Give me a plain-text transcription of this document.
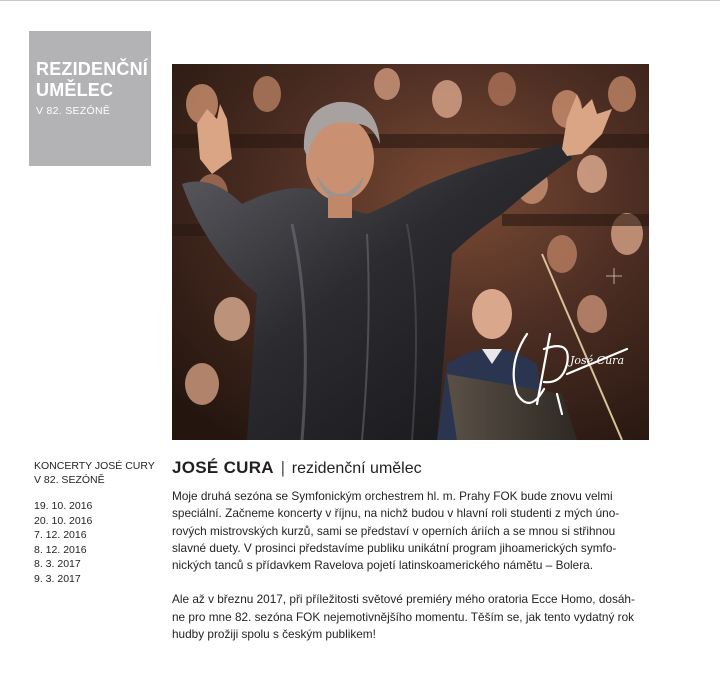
REZIDENČNÍ
UMĚLEC
V 82. SEZÓNĚ
José Cura
KONCERTY JOSÉ CURY
V 82. SEZÓNĚ
19. 10. 2016
20. 10. 2016
7. 12. 2016
8. 12. 2016
8. 3. 2017
9. 3. 2017
JOSÉ CURA | rezidenční umělec

Moje druhá sezóna se Symfonickým orchestrem hl. m. Prahy FOK bude znovu velmi
speciální. Začneme koncerty v říjnu, na nichž budou v hlavní roli studenti z mých úno-
rových mistrovských kurzů, sami se představí v operních áriích a se mnou si střihnou
slavné duety. V prosinci představíme publiku unikátní program jihoamerických symfo-
nických tanců s přídavkem Ravelova pojetí latinskoamerického námětu – Bolera.

Ale až v březnu 2017, při příležitosti světové premiéry mého oratoria Ecce Homo, dosáh-
ne pro mne 82. sezóna FOK nejemotivnějšího momentu. Těším se, jak tento vydatný rok
hudby prožiji spolu s českým publikem!
